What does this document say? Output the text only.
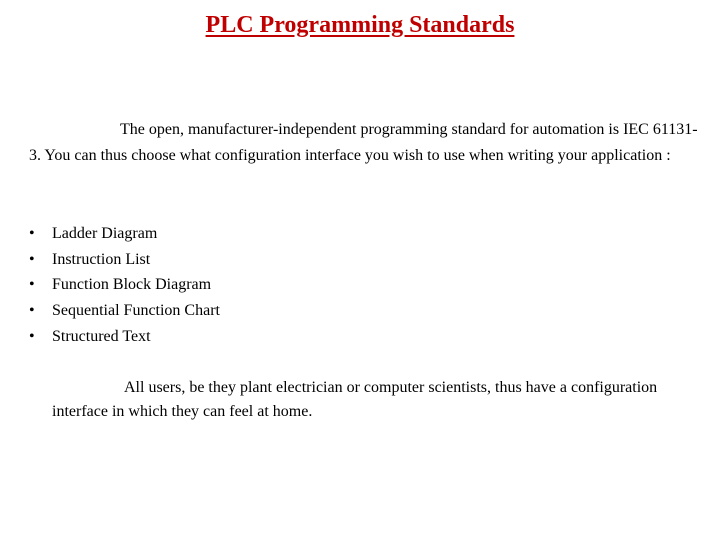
PLC Programming Standards

The open, manufacturer-independent programming standard for automation is IEC 61131-3. You can thus choose what configuration interface you wish to use when writing your application :

• Ladder Diagram
• Instruction List
• Function Block Diagram
• Sequential Function Chart
• Structured Text

All users, be they plant electrician or computer scientists, thus have a configuration interface in which they can feel at home.
